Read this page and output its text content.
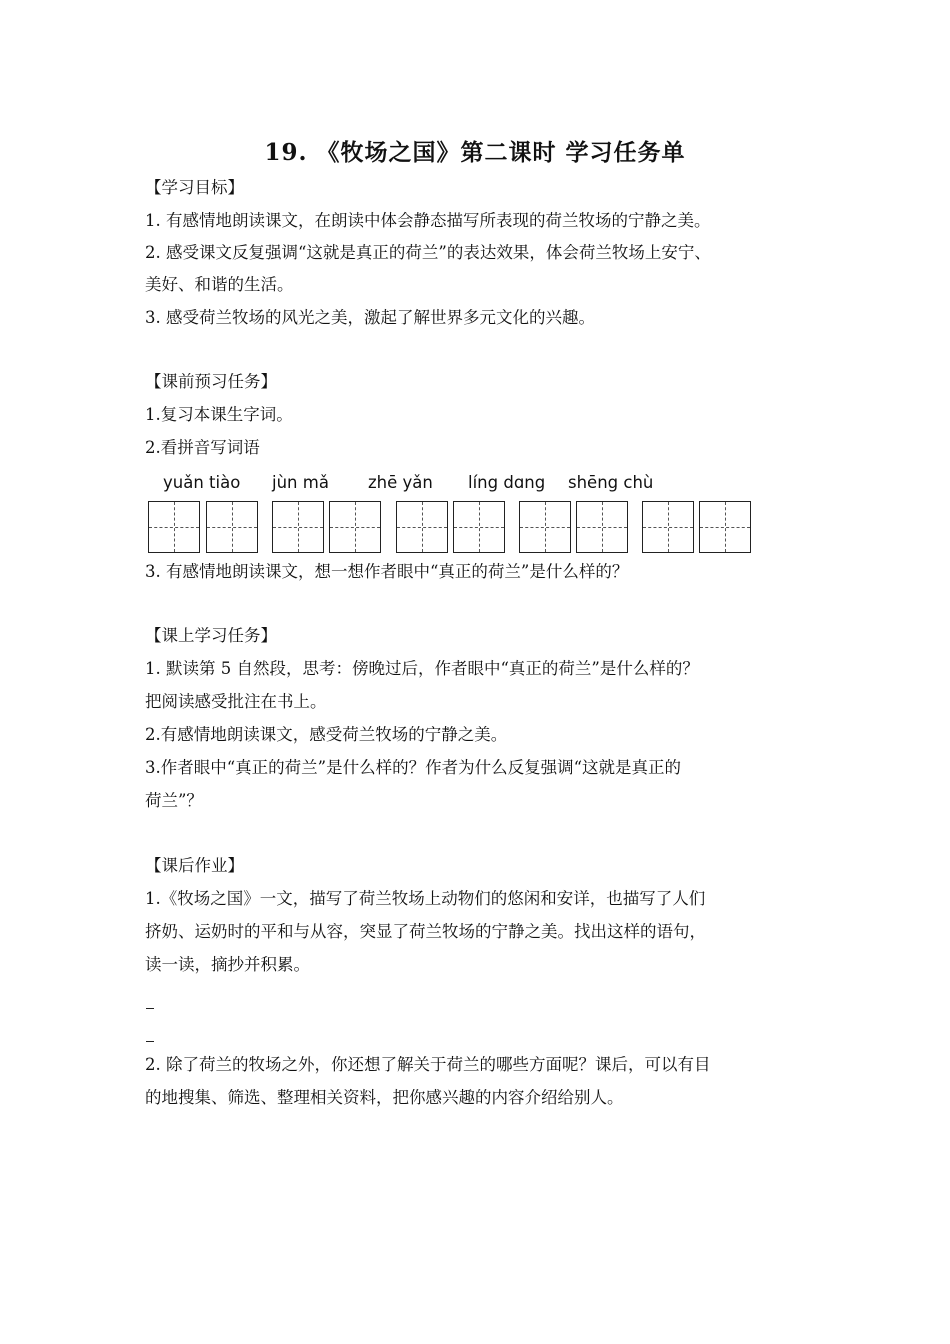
19. 《牧场之国》第二课时 学习任务单
【学习目标】
1. 有感情地朗读课文，在朗读中体会静态描写所表现的荷兰牧场的宁静之美。
2. 感受课文反复强调“这就是真正的荷兰”的表达效果，体会荷兰牧场上安宁、
美好、和谐的生活。
3. 感受荷兰牧场的风光之美，激起了解世界多元文化的兴趣。
【课前预习任务】
1.复习本课生字词。
2.看拼音写词语
yuǎn tiào jùn mǎ zhē yǎn líng dɑng shēng chù
3. 有感情地朗读课文，想一想作者眼中“真正的荷兰”是什么样的？
【课上学习任务】
1. 默读第 5 自然段，思考：傍晚过后，作者眼中“真正的荷兰”是什么样的？
把阅读感受批注在书上。
2.有感情地朗读课文，感受荷兰牧场的宁静之美。
3.作者眼中“真正的荷兰”是什么样的？作者为什么反复强调“这就是真正的
荷兰”？
【课后作业】
1.《牧场之国》一文，描写了荷兰牧场上动物们的悠闲和安详，也描写了人们
挤奶、运奶时的平和与从容，突显了荷兰牧场的宁静之美。找出这样的语句，
读一读，摘抄并积累。
2. 除了荷兰的牧场之外，你还想了解关于荷兰的哪些方面呢？课后，可以有目
的地搜集、筛选、整理相关资料，把你感兴趣的内容介绍给别人。
